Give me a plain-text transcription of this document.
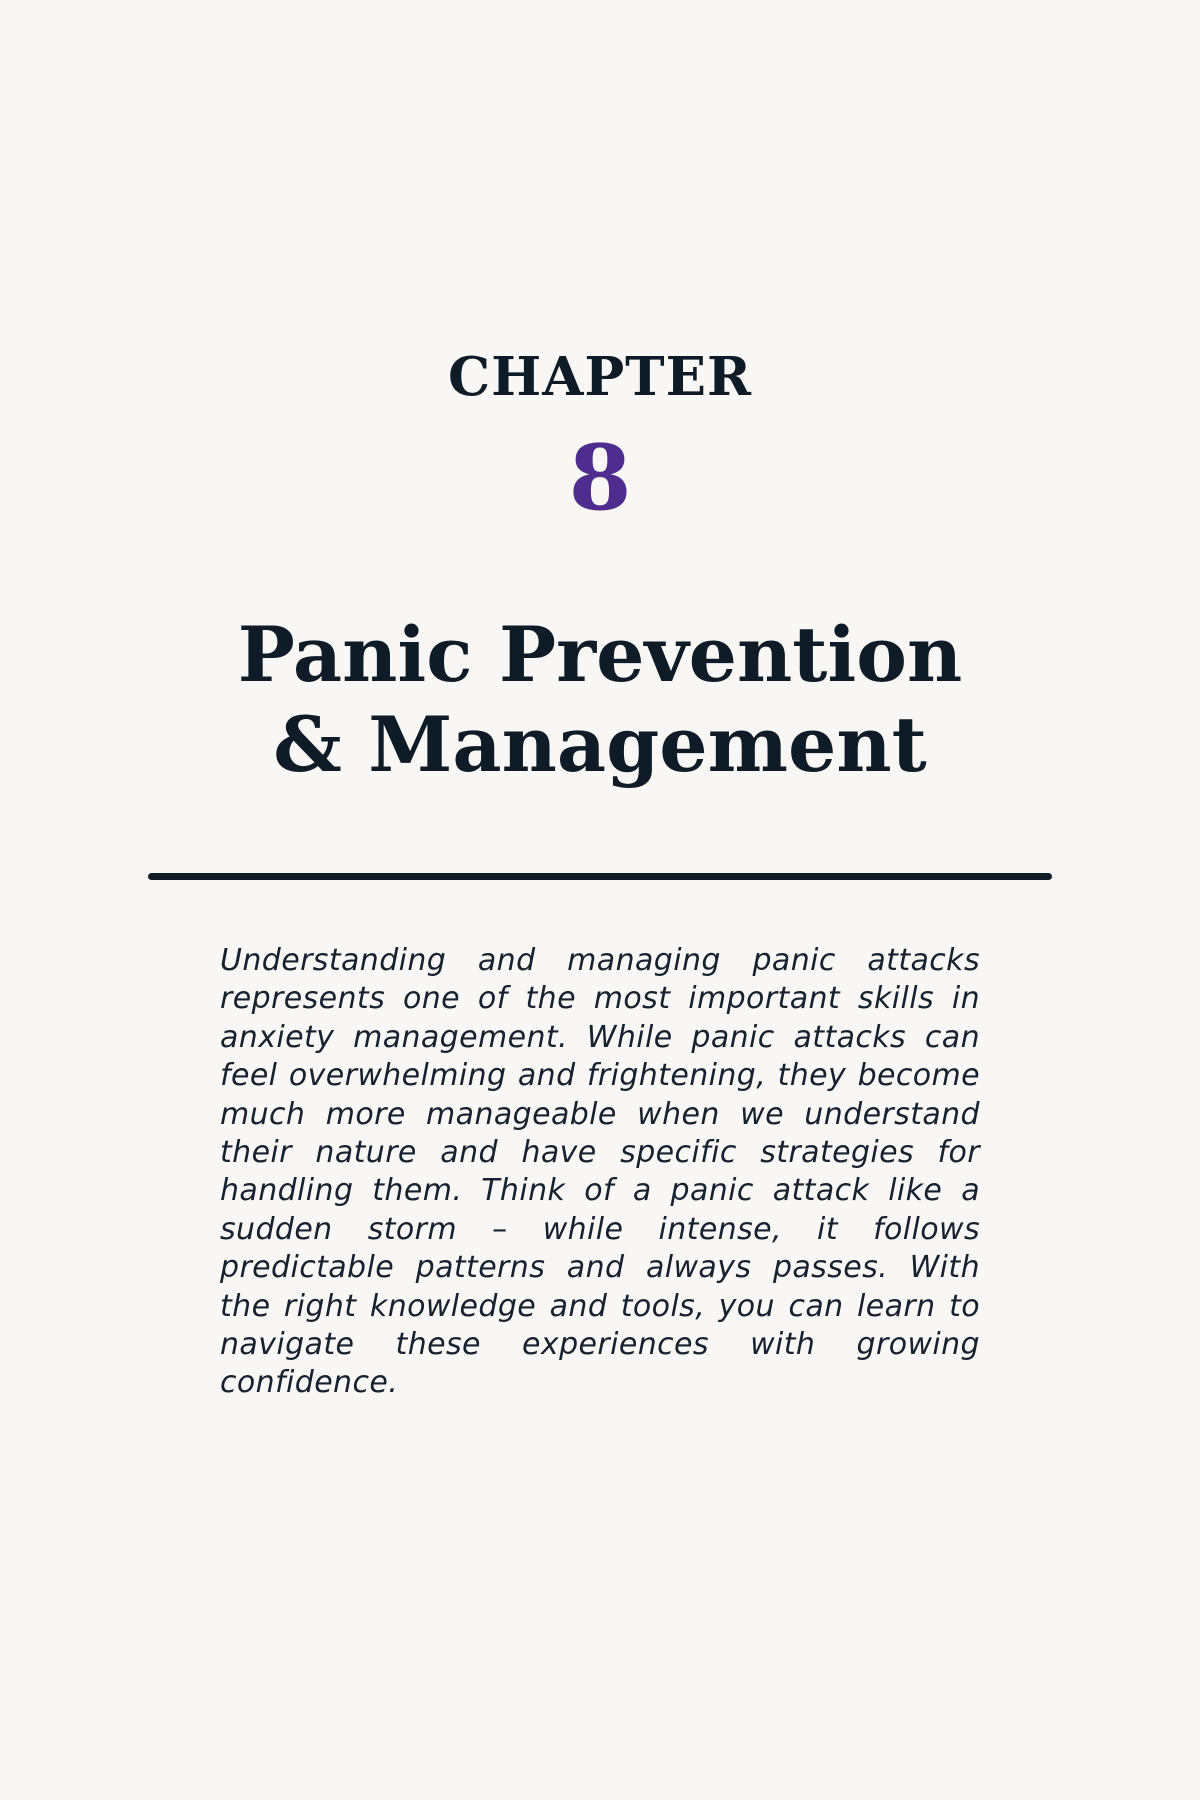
CHAPTER
8
Panic Prevention
& Management

Understanding and managing panic attacks represents one of the most important skills in anxiety management. While panic attacks can feel overwhelming and frightening, they become much more manageable when we understand their nature and have specific strategies for handling them. Think of a panic attack like a sudden storm – while intense, it follows predictable patterns and always passes. With the right knowledge and tools, you can learn to navigate these experiences with growing confidence.
